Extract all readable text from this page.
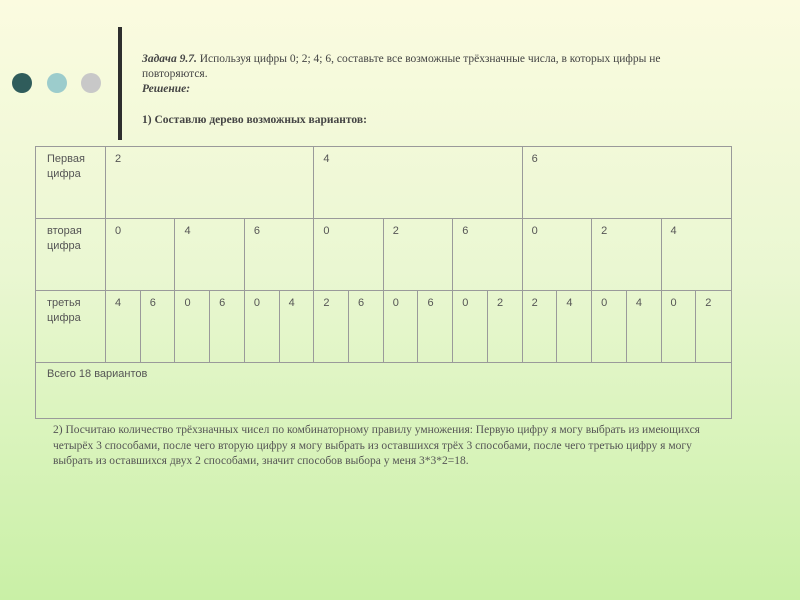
Задача 9.7. Используя цифры 0; 2; 4; 6, составьте все возможные трёхзначные числа, в которых цифры не повторяются.
Решение:
1) Составлю дерево возможных вариантов:
Первая цифра
2	4	6
вторая цифра
0	4	6	0	2	6	0	2	4
третья цифра
4	6	0	6	0	4	2	6	0	6	0	2	2	4	0	4	0	2
Всего 18 вариантов
2) Посчитаю количество трёхзначных чисел по комбинаторному правилу умножения: Первую цифру я могу выбрать из имеющихся четырёх 3 способами, после чего вторую цифру я могу выбрать из оставшихся трёх 3 способами, после чего третью цифру я могу выбрать из оставшихся двух 2 способами, значит способов выбора у меня 3*3*2=18.
